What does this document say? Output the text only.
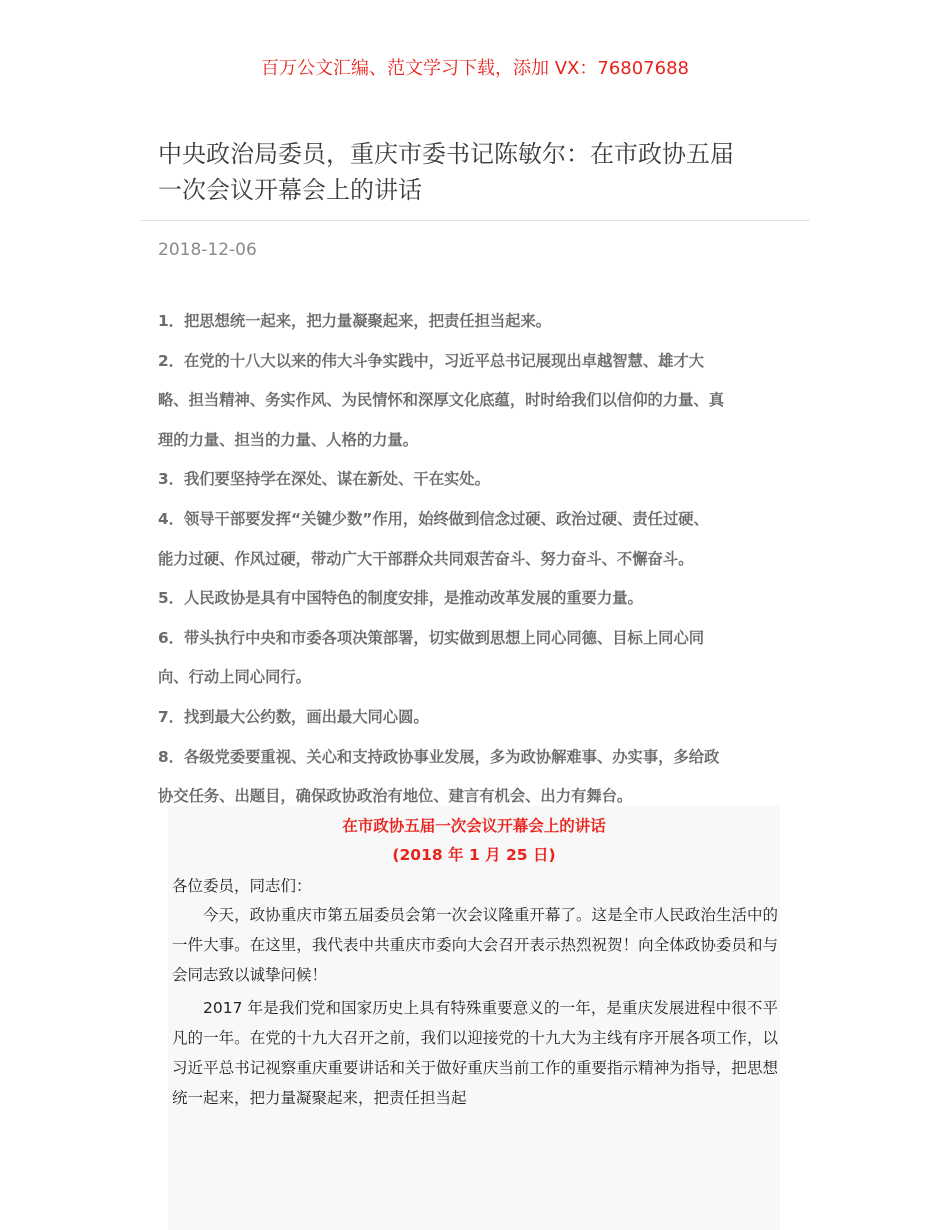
百万公文汇编、范文学习下载，添加 VX：76807688
中央政治局委员，重庆市委书记陈敏尔：在市政协五届
一次会议开幕会上的讲话
2018-12-06
1．把思想统一起来，把力量凝聚起来，把责任担当起来。
2．在党的十八大以来的伟大斗争实践中，习近平总书记展现出卓越智慧、雄才大
略、担当精神、务实作风、为民情怀和深厚文化底蕴，时时给我们以信仰的力量、真
理的力量、担当的力量、人格的力量。
3．我们要坚持学在深处、谋在新处、干在实处。
4．领导干部要发挥“关键少数”作用，始终做到信念过硬、政治过硬、责任过硬、
能力过硬、作风过硬，带动广大干部群众共同艰苦奋斗、努力奋斗、不懈奋斗。
5．人民政协是具有中国特色的制度安排，是推动改革发展的重要力量。
6．带头执行中央和市委各项决策部署，切实做到思想上同心同德、目标上同心同
向、行动上同心同行。
7．找到最大公约数，画出最大同心圆。
8．各级党委要重视、关心和支持政协事业发展，多为政协解难事、办实事，多给政
协交任务、出题目，确保政协政治有地位、建言有机会、出力有舞台。
在市政协五届一次会议开幕会上的讲话
(2018 年 1 月 25 日)
各位委员，同志们：

今天，政协重庆市第五届委员会第一次会议隆重开幕了。这是全市人民政治生活中的一件大事。在这里，我代表中共重庆市委向大会召开表示热烈祝贺！向全体政协委员和与会同志致以诚挚问候！

2017 年是我们党和国家历史上具有特殊重要意义的一年，是重庆发展进程中很不平凡的一年。在党的十九大召开之前，我们以迎接党的十九大为主线有序开展各项工作，以习近平总书记视察重庆重要讲话和关于做好重庆当前工作的重要指示精神为指导，把思想统一起来，把力量凝聚起来，把责任担当起
